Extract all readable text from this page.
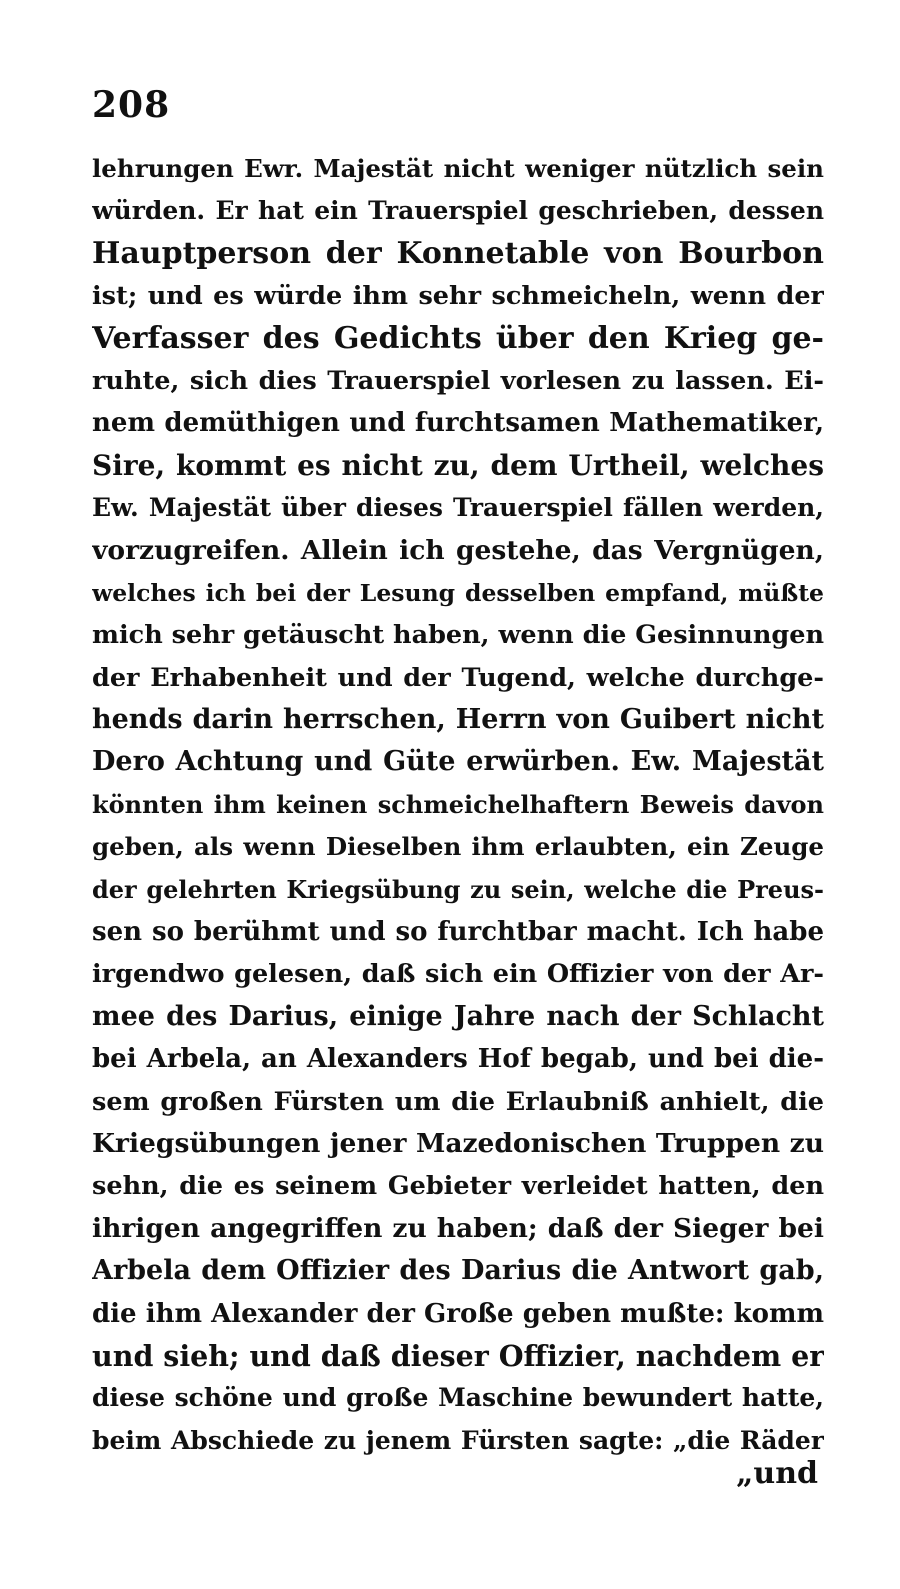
208
lehrungen Ewr. Majestät nicht weniger nützlich sein
würden. Er hat ein Trauerspiel geschrieben, dessen
Hauptperson der Konnetable von Bourbon
ist; und es würde ihm sehr schmeicheln, wenn der
Verfasser des Gedichts über den Krieg ge-
ruhte, sich dies Trauerspiel vorlesen zu lassen. Ei-
nem demüthigen und furchtsamen Mathematiker,
Sire, kommt es nicht zu, dem Urtheil, welches
Ew. Majestät über dieses Trauerspiel fällen werden,
vorzugreifen. Allein ich gestehe, das Vergnügen,
welches ich bei der Lesung desselben empfand, müßte
mich sehr getäuscht haben, wenn die Gesinnungen
der Erhabenheit und der Tugend, welche durchge-
hends darin herrschen, Herrn von Guibert nicht
Dero Achtung und Güte erwürben. Ew. Majestät
könnten ihm keinen schmeichelhaftern Beweis davon
geben, als wenn Dieselben ihm erlaubten, ein Zeuge
der gelehrten Kriegsübung zu sein, welche die Preus-
sen so berühmt und so furchtbar macht. Ich habe
irgendwo gelesen, daß sich ein Offizier von der Ar-
mee des Darius, einige Jahre nach der Schlacht
bei Arbela, an Alexanders Hof begab, und bei die-
sem großen Fürsten um die Erlaubniß anhielt, die
Kriegsübungen jener Mazedonischen Truppen zu
sehn, die es seinem Gebieter verleidet hatten, den
ihrigen angegriffen zu haben; daß der Sieger bei
Arbela dem Offizier des Darius die Antwort gab,
die ihm Alexander der Große geben mußte: komm
und sieh; und daß dieser Offizier, nachdem er
diese schöne und große Maschine bewundert hatte,
beim Abschiede zu jenem Fürsten sagte: „die Räder
„und
